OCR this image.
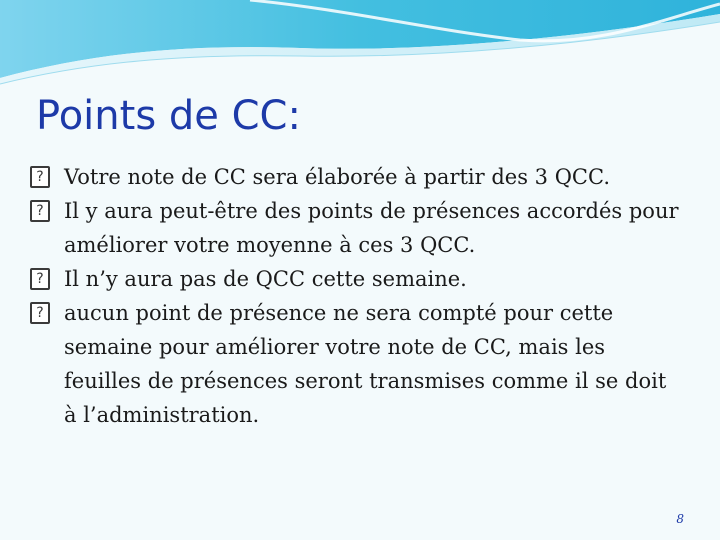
Points de CC:
? Votre note de CC sera élaborée à partir des 3 QCC.
? Il y aura peut-être des points de présences accordés pour améliorer votre moyenne à ces 3 QCC.
? Il n’y aura pas de QCC cette semaine.
? aucun point de présence ne sera compté pour cette semaine pour améliorer votre note de CC, mais les feuilles de présences seront transmises comme il se doit à l’administration.
8
